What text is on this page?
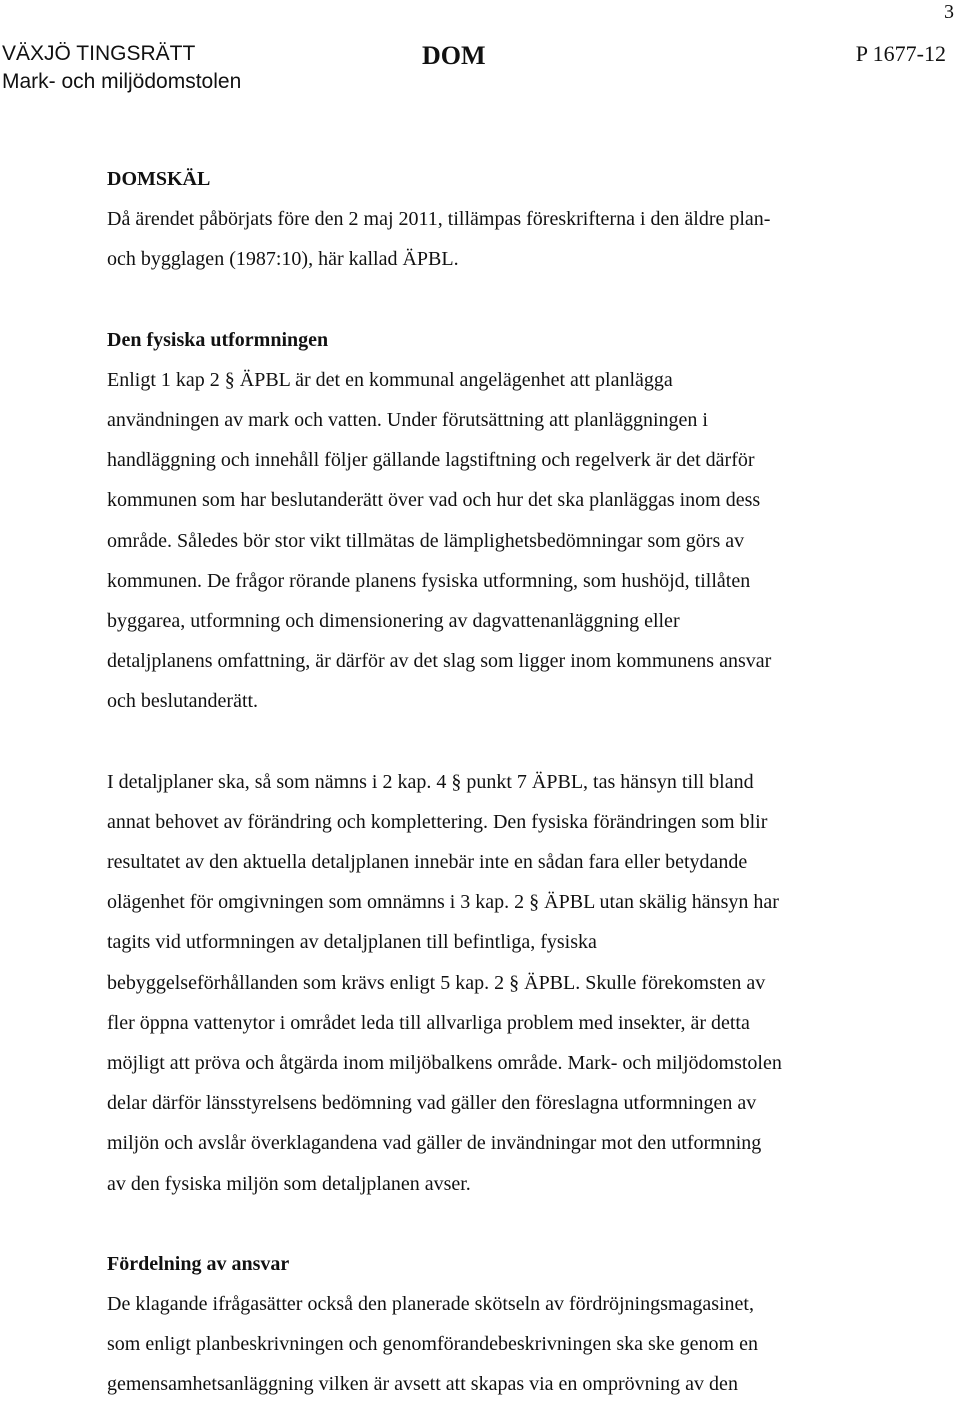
3
VÄXJÖ TINGSRÄTT
Mark- och miljödomstolen
DOM	P 1677-12
DOMSKÄL

Då ärendet påbörjats före den 2 maj 2011, tillämpas föreskrifterna i den äldre plan-

och bygglagen (1987:10), här kallad ÄPBL.

Den fysiska utformningen

Enligt 1 kap 2 § ÄPBL är det en kommunal angelägenhet att planlägga

användningen av mark och vatten. Under förutsättning att planläggningen i

handläggning och innehåll följer gällande lagstiftning och regelverk är det därför

kommunen som har beslutanderätt över vad och hur det ska planläggas inom dess

område. Således bör stor vikt tillmätas de lämplighetsbedömningar som görs av

kommunen. De frågor rörande planens fysiska utformning, som hushöjd, tillåten

byggarea, utformning och dimensionering av dagvattenanläggning eller

detaljplanens omfattning, är därför av det slag som ligger inom kommunens ansvar

och beslutanderätt.

I detaljplaner ska, så som nämns i 2 kap. 4 § punkt 7 ÄPBL, tas hänsyn till bland

annat behovet av förändring och komplettering. Den fysiska förändringen som blir

resultatet av den aktuella detaljplanen innebär inte en sådan fara eller betydande

olägenhet för omgivningen som omnämns i 3 kap. 2 § ÄPBL utan skälig hänsyn har

tagits vid utformningen av detaljplanen till befintliga, fysiska

bebyggelseförhållanden som krävs enligt 5 kap. 2 § ÄPBL. Skulle förekomsten av

fler öppna vattenytor i området leda till allvarliga problem med insekter, är detta

möjligt att pröva och åtgärda inom miljöbalkens område. Mark- och miljödomstolen

delar därför länsstyrelsens bedömning vad gäller den föreslagna utformningen av

miljön och avslår överklagandena vad gäller de invändningar mot den utformning

av den fysiska miljön som detaljplanen avser.

Fördelning av ansvar

De klagande ifrågasätter också den planerade skötseln av fördröjningsmagasinet,

som enligt planbeskrivningen och genomförandebeskrivningen ska ske genom en

gemensamhetsanläggning vilken är avsett att skapas via en omprövning av den
